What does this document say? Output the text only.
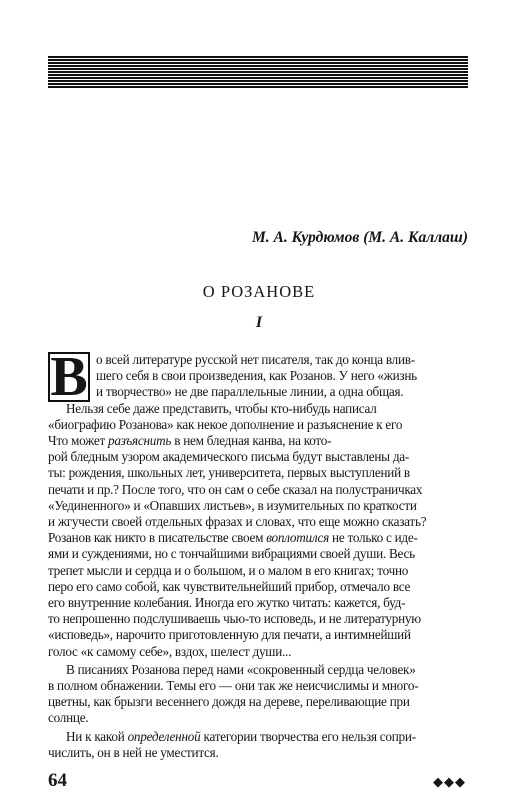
М. А. Курдюмов (М. А. Каллаш)
О РОЗАНОВЕ
I
В о всей литературе русской нет писателя, так до конца влив-
шего себя в свои произведения, как Розанов. У него «жизнь
и творчество» не две параллельные линии, а одна общая.
Нельзя себе даже представить, чтобы кто-нибудь написал
«биографию Розанова» как некое дополнение и разъяснение к его
Что может разъяснить в нем бледная канва, на кото-
рой бледным узором академического письма будут выставлены да-
ты: рождения, школьных лет, университета, первых выступлений в
печати и пр.? После того, что он сам о себе сказал на полустраничках
«Уединенного» и «Опавших листьев», в изумительных по краткости
и жгучести своей отдельных фразах и словах, что еще можно сказать?
Розанов как никто в писательстве своем воплотился не только с иде-
ями и суждениями, но с тончайшими вибрациями своей души. Весь
трепет мысли и сердца и о большом, и о малом в его книгах; точно
перо его само собой, как чувствительнейший прибор, отмечало все
его внутренние колебания. Иногда его жутко читать: кажется, буд-
то непрошенно подслушиваешь чью-то исповедь, и не литературную
«исповедь», нарочито приготовленную для печати, а интимнейший
голос «к самому себе», вздох, шелест души...
В писаниях Розанова перед нами «сокровенный сердца человек»
в полном обнажении. Темы его — они так же неисчислимы и много-
цветны, как брызги весеннего дождя на дереве, переливающие при
солнце.
Ни к какой определенной категории творчества его нельзя сопри-
числить, он в ней не уместится.
64	◆◆◆
